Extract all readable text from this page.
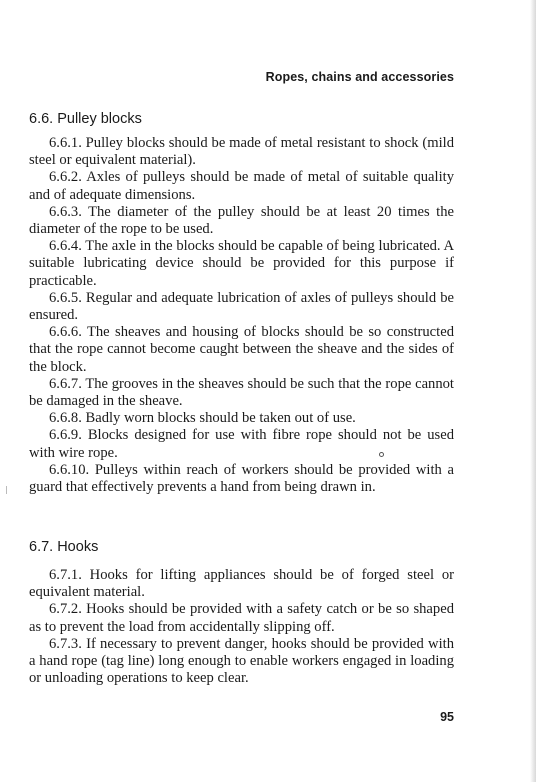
Ropes, chains and accessories
6.6. Pulley blocks

6.6.1. Pulley blocks should be made of metal resistant to shock (mild steel or equivalent material).

6.6.2. Axles of pulleys should be made of metal of suitable quality and of adequate dimensions.

6.6.3. The diameter of the pulley should be at least 20 times the diameter of the rope to be used.

6.6.4. The axle in the blocks should be capable of being lubricated. A suitable lubricating device should be provided for this purpose if practicable.

6.6.5. Regular and adequate lubrication of axles of pulleys should be ensured.

6.6.6. The sheaves and housing of blocks should be so constructed that the rope cannot become caught between the sheave and the sides of the block.

6.6.7. The grooves in the sheaves should be such that the rope cannot be damaged in the sheave.

6.6.8. Badly worn blocks should be taken out of use.

6.6.9. Blocks designed for use with fibre rope should not be used with wire rope.

6.6.10. Pulleys within reach of workers should be provided with a guard that effectively prevents a hand from being drawn in.

6.7. Hooks

6.7.1. Hooks for lifting appliances should be of forged steel or equivalent material.

6.7.2. Hooks should be provided with a safety catch or be so shaped as to prevent the load from accidentally slipping off.

6.7.3. If necessary to prevent danger, hooks should be provided with a hand rope (tag line) long enough to enable workers engaged in loading or unloading operations to keep clear.

95
